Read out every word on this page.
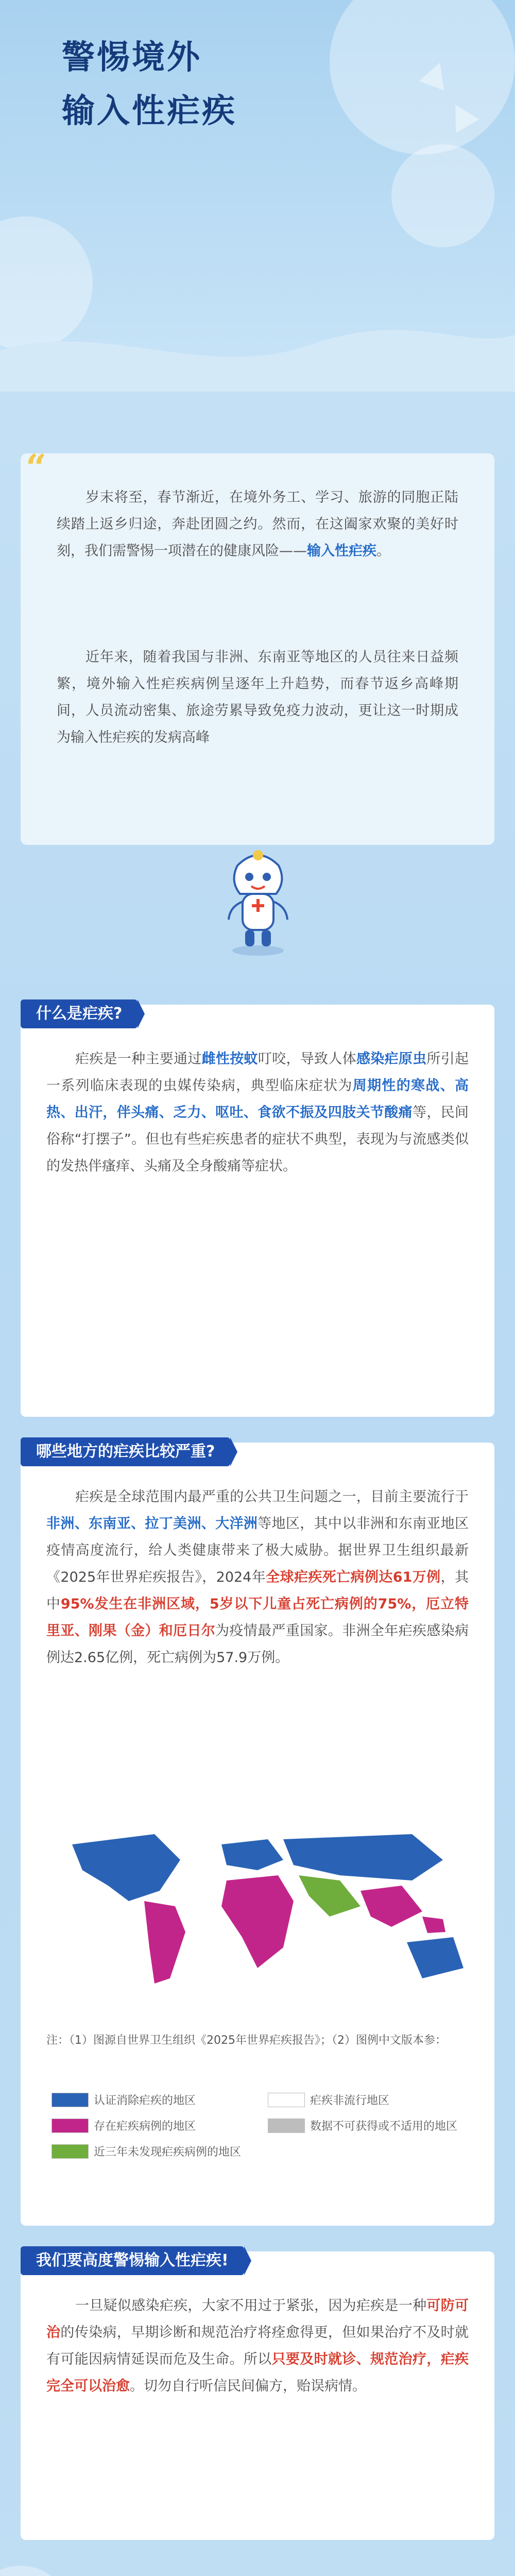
警惕境外
输入性疟疾
“
岁末将至，春节渐近，在境外务工、学习、旅游的同胞正陆续踏上返乡归途，奔赴团圆之约。然而，在这阖家欢聚的美好时刻，我们需警惕一项潜在的健康风险——输入性疟疾。
近年来，随着我国与非洲、东南亚等地区的人员往来日益频繁，境外输入性疟疾病例呈逐年上升趋势，而春节返乡高峰期间，人员流动密集、旅途劳累导致免疫力波动，更让这一时期成为输入性疟疾的发病高峰
什么是疟疾?
疟疾是一种主要通过雌性按蚊叮咬，导致人体感染疟原虫所引起一系列临床表现的虫媒传染病，典型临床症状为周期性的寒战、高热、出汗，伴头痛、乏力、呕吐、食欲不振及四肢关节酸痛等，民间俗称“打摆子”。但也有些疟疾患者的症状不典型，表现为与流感类似的发热伴瘙痒、头痛及全身酸痛等症状。
哪些地方的疟疾比较严重?
疟疾是全球范围内最严重的公共卫生问题之一，目前主要流行于非洲、东南亚、拉丁美洲、大洋洲等地区，其中以非洲和东南亚地区疫情高度流行，给人类健康带来了极大威胁。据世界卫生组织最新《2025年世界疟疾报告》，2024年全球疟疾死亡病例达61万例，其中95%发生在非洲区域，5岁以下儿童占死亡病例的75%，厄立特里亚、刚果（金）和厄日尔为疫情最严重国家。非洲全年疟疾感染病例达2.65亿例，死亡病例为57.9万例。
注：（1）图源自世界卫生组织《2025年世界疟疾报告》；（2）图例中文版本参：
认证消除疟疾的地区
存在疟疾病例的地区
近三年未发现疟疾病例的地区
疟疾非流行地区
数据不可获得或不适用的地区
我们要高度警惕输入性疟疾!
一旦疑似感染疟疾，大家不用过于紧张，因为疟疾是一种可防可治的传染病，早期诊断和规范治疗将痊愈得更，但如果治疗不及时就有可能因病情延误而危及生命。所以只要及时就诊、规范治疗，疟疾完全可以治愈。切勿自行听信民间偏方，贻误病情。
